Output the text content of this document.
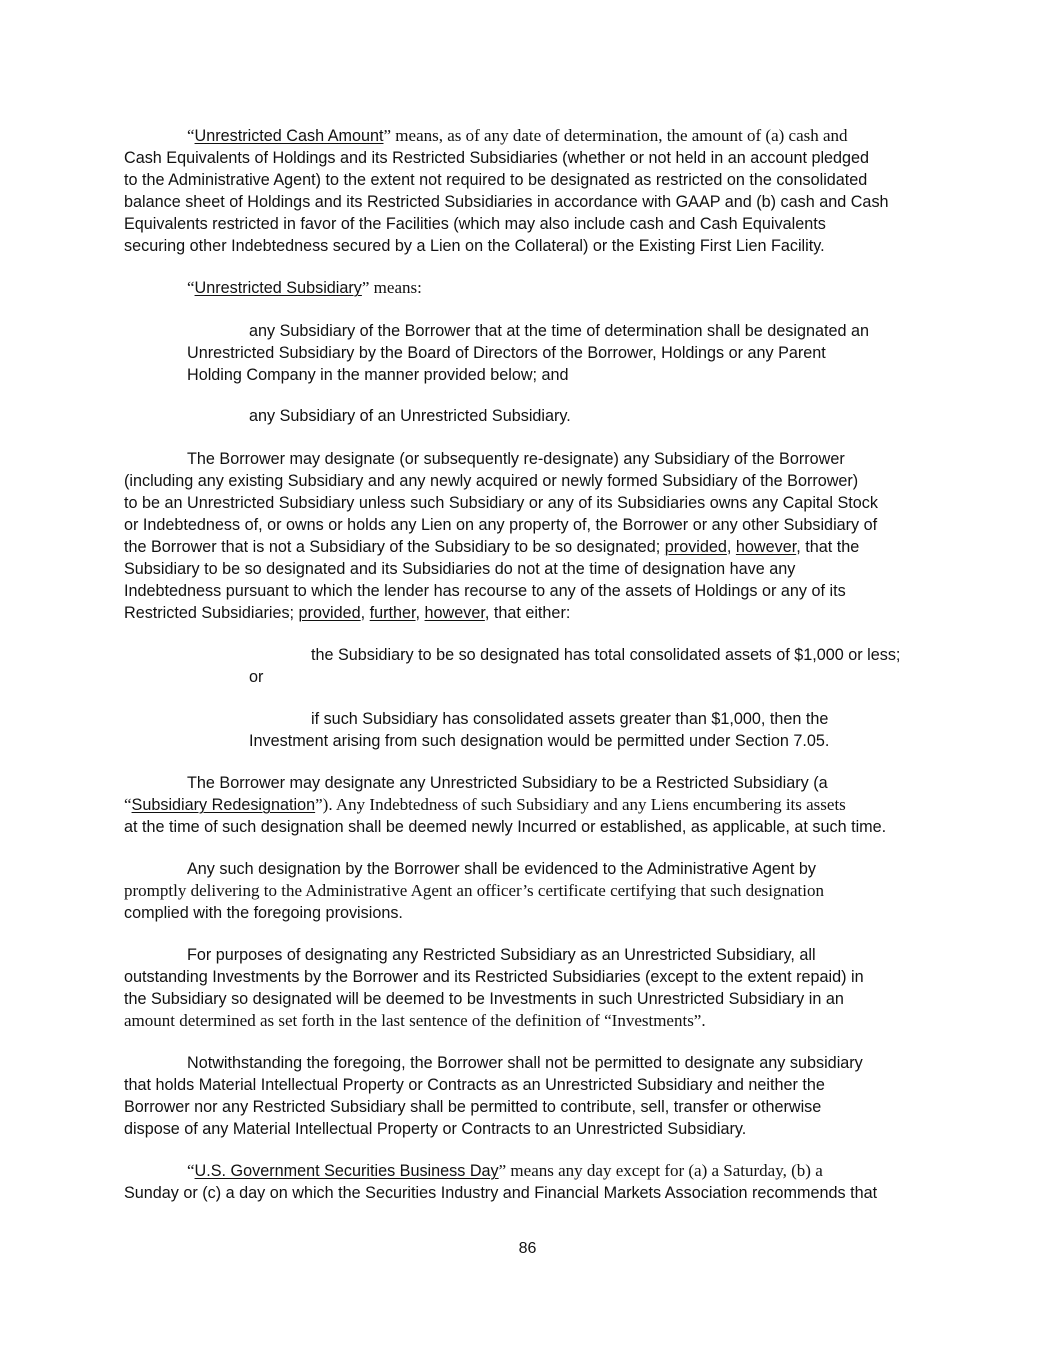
“Unrestricted Cash Amount” means, as of any date of determination, the amount of (a) cash and
Cash Equivalents of Holdings and its Restricted Subsidiaries (whether or not held in an account pledged
to the Administrative Agent) to the extent not required to be designated as restricted on the consolidated
balance sheet of Holdings and its Restricted Subsidiaries in accordance with GAAP and (b) cash and Cash
Equivalents restricted in favor of the Facilities (which may also include cash and Cash Equivalents
securing other Indebtedness secured by a Lien on the Collateral) or the Existing First Lien Facility.
“Unrestricted Subsidiary” means:
any Subsidiary of the Borrower that at the time of determination shall be designated an
Unrestricted Subsidiary by the Board of Directors of the Borrower, Holdings or any Parent
Holding Company in the manner provided below; and
any Subsidiary of an Unrestricted Subsidiary.
The Borrower may designate (or subsequently re-designate) any Subsidiary of the Borrower
(including any existing Subsidiary and any newly acquired or newly formed Subsidiary of the Borrower)
to be an Unrestricted Subsidiary unless such Subsidiary or any of its Subsidiaries owns any Capital Stock
or Indebtedness of, or owns or holds any Lien on any property of, the Borrower or any other Subsidiary of
the Borrower that is not a Subsidiary of the Subsidiary to be so designated; provided, however, that the
Subsidiary to be so designated and its Subsidiaries do not at the time of designation have any
Indebtedness pursuant to which the lender has recourse to any of the assets of Holdings or any of its
Restricted Subsidiaries; provided, further, however, that either:
the Subsidiary to be so designated has total consolidated assets of $1,000 or less;
or
if such Subsidiary has consolidated assets greater than $1,000, then the
Investment arising from such designation would be permitted under Section 7.05.
The Borrower may designate any Unrestricted Subsidiary to be a Restricted Subsidiary (a
“Subsidiary Redesignation”). Any Indebtedness of such Subsidiary and any Liens encumbering its assets
at the time of such designation shall be deemed newly Incurred or established, as applicable, at such time.
Any such designation by the Borrower shall be evidenced to the Administrative Agent by
promptly delivering to the Administrative Agent an officer’s certificate certifying that such designation
complied with the foregoing provisions.
For purposes of designating any Restricted Subsidiary as an Unrestricted Subsidiary, all
outstanding Investments by the Borrower and its Restricted Subsidiaries (except to the extent repaid) in
the Subsidiary so designated will be deemed to be Investments in such Unrestricted Subsidiary in an
amount determined as set forth in the last sentence of the definition of “Investments”.
Notwithstanding the foregoing, the Borrower shall not be permitted to designate any subsidiary
that holds Material Intellectual Property or Contracts as an Unrestricted Subsidiary and neither the
Borrower nor any Restricted Subsidiary shall be permitted to contribute, sell, transfer or otherwise
dispose of any Material Intellectual Property or Contracts to an Unrestricted Subsidiary.
“U.S. Government Securities Business Day” means any day except for (a) a Saturday, (b) a
Sunday or (c) a day on which the Securities Industry and Financial Markets Association recommends that
86
